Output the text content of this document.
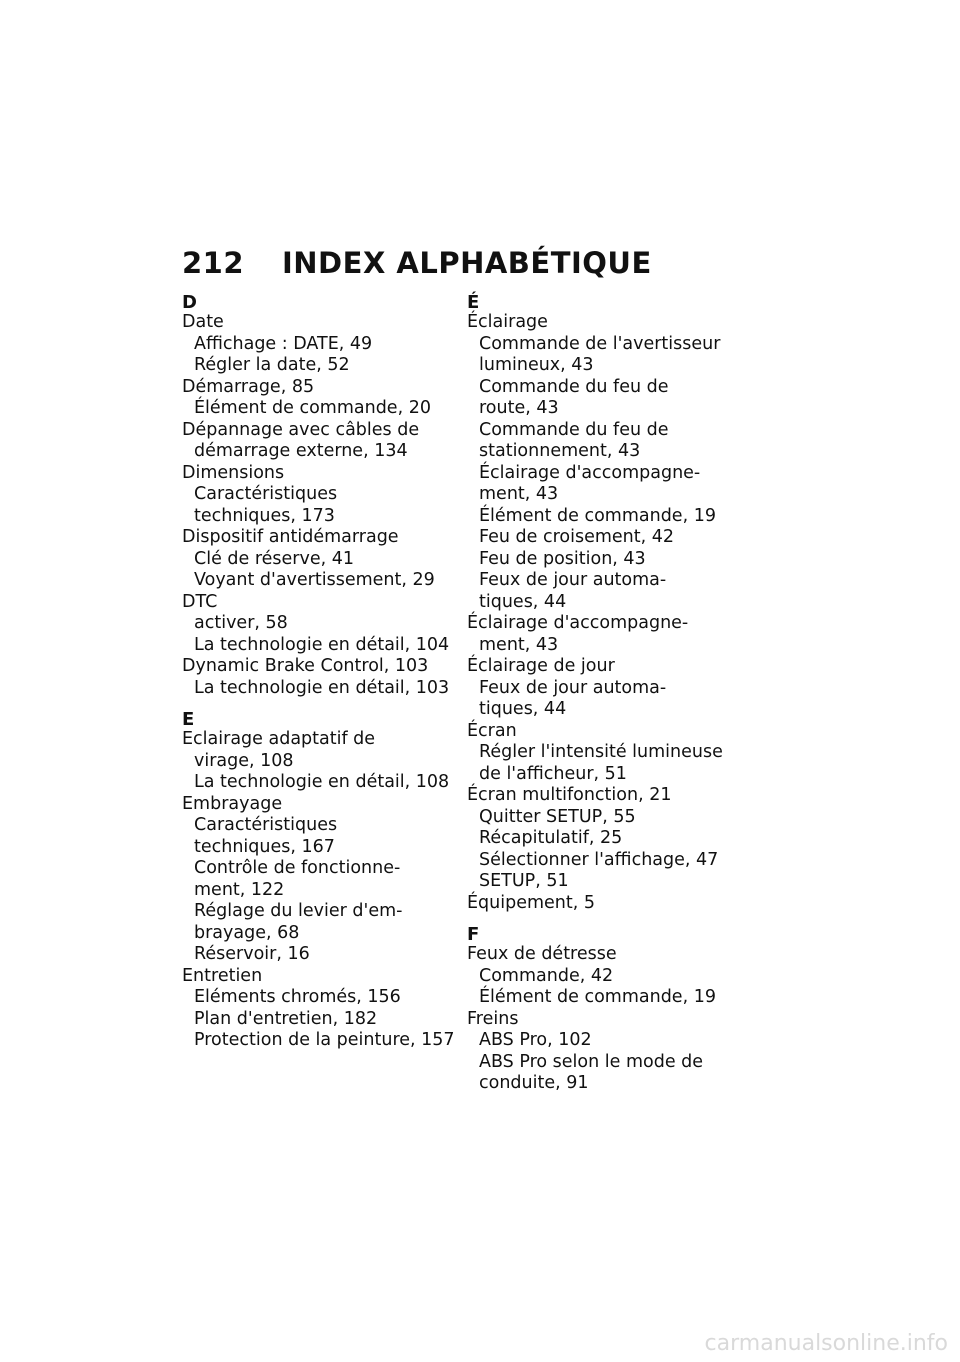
212 INDEX ALPHABÉTIQUE
D
Date
Affichage : DATE, 49
Régler la date, 52
Démarrage, 85
Élément de commande, 20
Dépannage avec câbles de
démarrage externe, 134
Dimensions
Caractéristiques
techniques, 173
Dispositif antidémarrage
Clé de réserve, 41
Voyant d'avertissement, 29
DTC
activer, 58
La technologie en détail, 104
Dynamic Brake Control, 103
La technologie en détail, 103
E
Eclairage adaptatif de
virage, 108
La technologie en détail, 108
Embrayage
Caractéristiques
techniques, 167
Contrôle de fonctionne-
ment, 122
Réglage du levier d'em-
brayage, 68
Réservoir, 16
Entretien
Eléments chromés, 156
Plan d'entretien, 182
Protection de la peinture, 157
É
Éclairage
Commande de l'avertisseur
lumineux, 43
Commande du feu de
route, 43
Commande du feu de
stationnement, 43
Éclairage d'accompagne-
ment, 43
Élément de commande, 19
Feu de croisement, 42
Feu de position, 43
Feux de jour automa-
tiques, 44
Éclairage d'accompagne-
ment, 43
Éclairage de jour
Feux de jour automa-
tiques, 44
Écran
Régler l'intensité lumineuse
de l'afficheur, 51
Écran multifonction, 21
Quitter SETUP, 55
Récapitulatif, 25
Sélectionner l'affichage, 47
SETUP, 51
Équipement, 5
F
Feux de détresse
Commande, 42
Élément de commande, 19
Freins
ABS Pro, 102
ABS Pro selon le mode de
conduite, 91
carmanualsonline.info
